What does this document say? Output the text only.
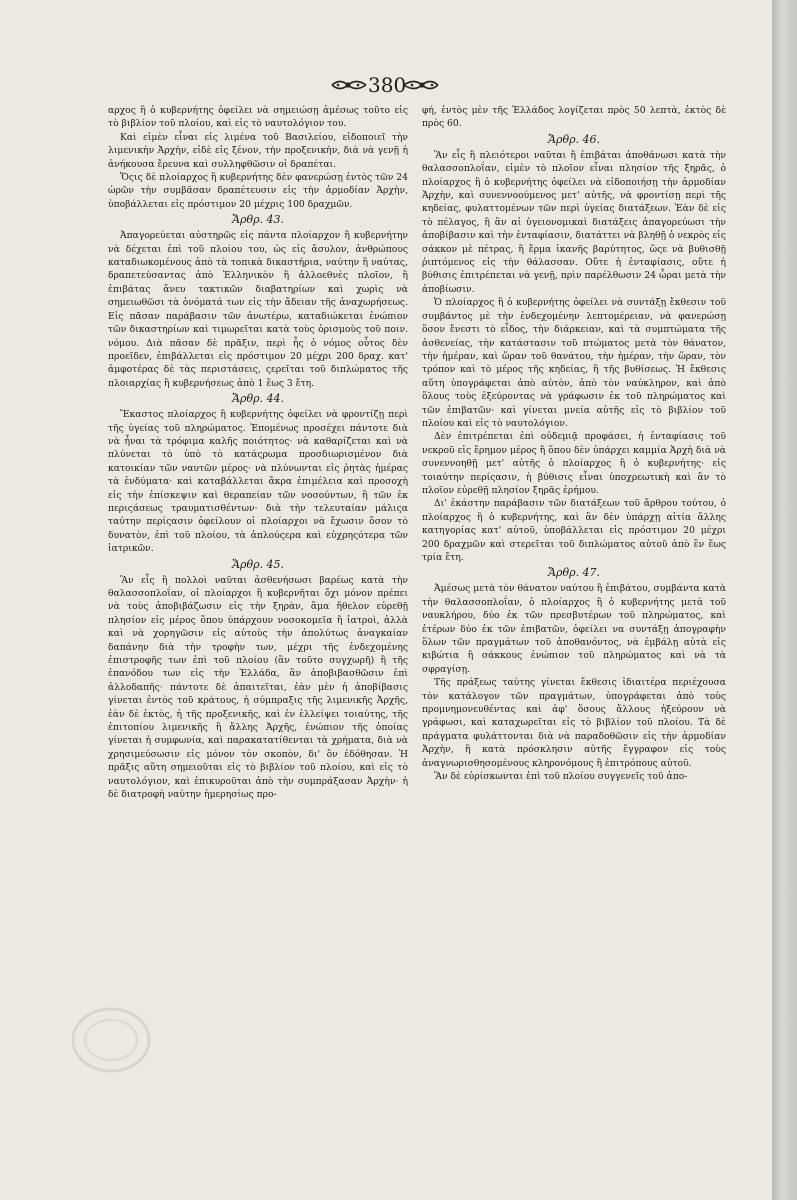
380

αρχος ἢ ὁ κυβερνήτης ὀφείλει νὰ σημειώσῃ ἀμέσως τοῦτο εἰς τὸ βιβλίον τοῦ πλοίου, καὶ εἰς τὸ ναυτολόγιον του.

Καὶ εἰμὲν εἶναι εἰς λιμένα τοῦ Βασιλείου, εἰδοποιεῖ τὴν λιμενικὴν Ἀρχὴν, εἰδὲ εἰς ξένον, τὴν προξενικὴν, διὰ νὰ γενῇ ἡ ἀνήκουσα ἔρευνα καὶ συλληφθῶσιν οἱ δραπέται.

Ὅςις δὲ πλοίαρχος ἢ κυβερνήτης δὲν φανερώσῃ ἐντὸς τῶν 24 ὡρῶν τὴν συμβᾶσαν δραπέτευσιν εἰς τὴν ἁρμοδίαν Ἀρχὴν, ὑποβάλλεται εἰς πρόστιμον 20 μέχρις 100 δραχμῶν.

Ἄρθρ. 43.

Ἀπαγορεύεται αὐστηρῶς εἰς πάντα πλοίαρχον ἢ κυβερνήτην νὰ δέχεται ἐπὶ τοῦ πλοίου του, ὡς εἰς ἄσυλον, ἀνθρώπους καταδιωκομένους ἀπὸ τὰ τοπικὰ δικαστήρια, ναύτην ἢ ναύτας, δραπετεύσαντας ἀπὸ Ἑλληνικὸν ἢ ἀλλοεθνὲς πλοῖον, ἢ ἐπιβάτας ἄνευ τακτικῶν διαβατηρίων καὶ χωρὶς νὰ σημειωθῶσι τὰ ὀνόματά των εἰς τὴν ἄδειαν τῆς ἀναχωρήσεως. Εἰς πᾶσαν παράβασιν τῶν ἀνωτέρω, καταδιώκεται ἐνώπιον τῶν δικαστηρίων καὶ τιμωρεῖται κατὰ τοὺς ὁρισμοὺς τοῦ ποιν. νόμου. Διὰ πᾶσαν δὲ πρᾶξιν, περὶ ἧς ὁ νόμος οὗτος δὲν προεῖδεν, ἐπιβάλλεται εἰς πρόστιμον 20 μέχρι 200 δραχ. κατ' ἀμφοτέρας δὲ τὰς περιστάσεις, ςερεῖται τοῦ διπλώματος τῆς πλοιαρχίας ἢ κυβερνήσεως ἀπὸ 1 ἕως 3 ἔτη.

Ἄρθρ. 44.

Ἕκαστος πλοίαρχος ἢ κυβερνήτης ὀφείλει νὰ φροντίζῃ περὶ τῆς ὑγείας τοῦ πληρώματος. Ἐπομένως προσέχει πάντοτε διὰ νὰ ἦναι τὰ τρόφιμα καλῆς ποιότητος· νὰ καθαρίζεται καὶ νὰ πλύνεται τὸ ὑπὸ τὸ κατάςρωμα προσδιωρισμένον διὰ κατοικίαν τῶν ναυτῶν μέρος· νὰ πλύνωνται εἰς ῥητὰς ἡμέρας τὰ ἐνδύματα· καὶ καταβάλλεται ἄκρα ἐπιμέλεια καὶ προσοχὴ εἰς τὴν ἐπίσκεψιν καὶ θεραπείαν τῶν νοσούντων, ἢ τῶν ἐκ περιςάσεως τραυματισθέντων· διὰ τὴν τελευταίαν μάλιςα ταύτην περίςασιν ὀφείλουν οἱ πλοίαρχοι νὰ ἔχωσιν ὅσον τὸ δυνατὸν, ἐπὶ τοῦ πλοίου, τὰ ἁπλούςερα καὶ εὐχρηςότερα τῶν ἰατρικῶν.

Ἄρθρ. 45.

Ἂν εἷς ἢ πολλοὶ ναῦται ἀσθενήσωσι βαρέως κατὰ τὴν θαλασσοπλοΐαν, οἱ πλοίαρχοι ἢ κυβερνῆται ὄχι μόνον πρέπει νὰ τοὺς ἀποβιβάζωσιν εἰς τὴν ξηρὰν, ἅμα ἤθελον εὑρεθῇ πλησίον εἰς μέρος ὅπου ὑπάρχουν νοσοκομεῖα ἢ ἰατροὶ, ἀλλὰ καὶ νὰ χορηγῶσιν εἰς αὐτοὺς τὴν ἀπολύτως ἀναγκαίαν δαπάνην διὰ τὴν τροφὴν των, μέχρι τῆς ἐνδεχομένης ἐπιστροφῆς των ἐπὶ τοῦ πλοίου (ἂν τοῦτο συγχωρῆ) ἢ τῆς ἐπανόδου των εἰς τὴν Ἑλλάδα, ἂν ἀποβιβασθῶσιν ἐπὶ ἀλλοδαπῆς· πάντοτε δὲ ἀπαιτεῖται, ἐὰν μὲν ἡ ἀποβίβασις γίνεται ἐντὸς τοῦ κράτους, ἡ σύμπραξις τῆς λιμενικῆς Ἀρχῆς, ἐὰν δὲ ἐκτὸς, ἡ τῆς προξενικῆς, καὶ ἐν ἐλλείψει τοιαύτης, τῆς ἐπιτοπίου λιμενικῆς ἢ ἄλλης Ἀρχῆς, ἐνώπιον τῆς ὁποίας γίνεται ἡ συμφωνία, καὶ παρακατατίθενται τὰ χρήματα, διὰ νὰ χρησιμεύσωσιν εἰς μόνον τὸν σκοπὸν, δι' ὃν ἐδόθησαν. Ἡ πρᾶξις αὕτη σημειοῦται εἰς τὸ βιβλίον τοῦ πλοίου, καὶ εἰς τὸ ναυτολόγιον, καὶ ἐπικυροῦται ἀπὸ τὴν συμπράξασαν Ἀρχὴν· ἡ δὲ διατροφὴ ναύτην ἡμερησίως προ-

φή, ἐντὸς μὲν τῆς Ἑλλάδος λογίζεται πρὸς 50 λεπτὰ, ἐκτὸς δὲ πρὸς 60.

Ἄρθρ. 46.

Ἂν εἷς ἢ πλειότεροι ναῦται ἢ ἐπιβάται ἀποθάνωσι κατὰ τὴν θαλασσοπλοΐαν, εἰμὲν τὸ πλοῖον εἶναι πλησίον τῆς ξηρᾶς, ὁ πλοίαρχος ἢ ὁ κυβερνήτης ὀφείλει νὰ εἰδοποιήσῃ τὴν ἁρμοδίαν Ἀρχὴν, καὶ συνεννοούμενος μετ' αὐτῆς, νὰ φροντίσῃ περὶ τῆς κηδείας, φυλαττομένων τῶν περὶ ὑγείας διατάξεων. Ἐὰν δὲ εἰς τὸ πέλαγος, ἢ ἂν αἱ ὑγειονομικαὶ διατάξεις ἀπαγορεύωσι τὴν ἀποβίβασιν καὶ τὴν ἐνταφίασιν, διατάττει νὰ βληθῇ ὁ νεκρὸς εἰς σάκκον μὲ πέτρας, ἢ ἕρμα ἱκανῆς βαρύτητος, ὥςε νὰ βυθισθῇ ῥιπτόμενος εἰς τὴν θάλασσαν. Οὔτε ἡ ἐνταφίασις, οὔτε ἡ βύθισις ἐπιτρέπεται νὰ γενῇ, πρὶν παρέλθωσιν 24 ὧραι μετὰ τὴν ἀποβίωσιν.

Ὁ πλοίαρχος ἢ ὁ κυβερνήτης ὀφείλει νὰ συντάξῃ ἔκθεσιν τοῦ συμβάντος μὲ τὴν ἐνδεχομένην λεπτομέρειαν, νὰ φανερώσῃ ὅσον ἔνεστι τὸ εἶδος, τὴν διάρκειαν, καὶ τὰ συμπτώματα τῆς ἀσθενείας, τὴν κατάστασιν τοῦ πτώματος μετὰ τὸν θάνατον, τὴν ἡμέραν, καὶ ὥραν τοῦ θανάτου, τὴν ἡμέραν, τὴν ὥραν, τὸν τρόπον καὶ τὸ μέρος τῆς κηδείας, ἢ τῆς βυθίσεως. Ἡ ἔκθεσις αὕτη ὑπογράφεται ἀπὸ αὐτὸν, ἀπὸ τὸν ναύκληρον, καὶ ἀπὸ ὅλους τοὺς ἐξεύροντας νὰ γράφωσιν ἐκ τοῦ πληρώματος καὶ τῶν ἐπιβατῶν· καὶ γίνεται μνεία αὐτῆς εἰς τὸ βιβλίον τοῦ πλοίου καὶ εἰς τὸ ναυτολόγιον.

Δὲν ἐπιτρέπεται ἐπὶ οὐδεμιᾷ προφάσει, ἡ ἐνταφίασις τοῦ νεκροῦ εἰς ἔρημον μέρος ἢ ὅπου δὲν ὑπάρχει καμμία Ἀρχὴ διὰ νὰ συνεννοηθῇ μετ' αὐτῆς ὁ πλοίαρχος ἢ ὁ κυβερνήτης· εἰς τοιαύτην περίςασιν, ἡ βύθισις εἶναι ὑποχρεωτικὴ καὶ ἂν τὸ πλοῖον εὑρεθῇ πλησίον ξηρᾶς ἐρήμου.

Δι' ἑκάστην παράβασιν τῶν διατάξεων τοῦ ἄρθρου τούτου, ὁ πλοίαρχος ἢ ὁ κυβερνήτης, καὶ ἂν δὲν ὑπάρχῃ αἰτία ἄλλης κατηγορίας κατ' αὐτοῦ, ὑποβάλλεται εἰς πρόστιμον 20 μέχρι 200 δραχμῶν καὶ στερεῖται τοῦ διπλώματος αὐτοῦ ἀπὸ ἓν ἕως τρία ἔτη.

Ἄρθρ. 47.

Ἀμέσως μετὰ τὸν θάνατον ναύτου ἢ ἐπιβάτου, συμβάντα κατὰ τὴν θαλασσοπλοΐαν, ὁ πλοίαρχος ἢ ὁ κυβερνήτης μετὰ τοῦ ναυκλήρου, δύο ἐκ τῶν πρεσβυτέρων τοῦ πληρώματος, καὶ ἑτέρων δύο ἐκ τῶν ἐπιβατῶν, ὀφείλει να συντάξῃ ἀπογραφὴν ὅλων τῶν πραγμάτων τοῦ ἀποθανόντος, νὰ ἐμβάλῃ αὐτὰ εἰς κιβώτια ἢ σάκκους ἐνώπιον τοῦ πληρώματος καὶ νὰ τὰ σφραγίσῃ.

Τῆς πράξεως ταύτης γίνεται ἔκθεσις ἰδιαιτέρα περιέχουσα τὸν κατάλογον τῶν πραγμάτων, ὑπογράφεται ἀπὸ τοὺς προμνημονευθέντας καὶ ἀφ' ὅσους ἄλλους ἠξεύρουν νὰ γράφωσι, καὶ καταχωρεῖται εἰς τὸ βιβλίον τοῦ πλοίου. Τὰ δὲ πράγματα φυλάττονται διὰ νὰ παραδοθῶσιν εἰς τὴν ἁρμοδίαν Ἀρχὴν, ἢ κατὰ πρόσκλησιν αὐτῆς ἔγγραφον εἰς τοὺς ἀναγνωρισθησομένους κληρονόμους ἢ ἐπιτρόπους αὐτοῦ.

Ἂν δὲ εὑρίσκωνται ἐπὶ τοῦ πλοίου συγγενεῖς τοῦ ἀπο-
